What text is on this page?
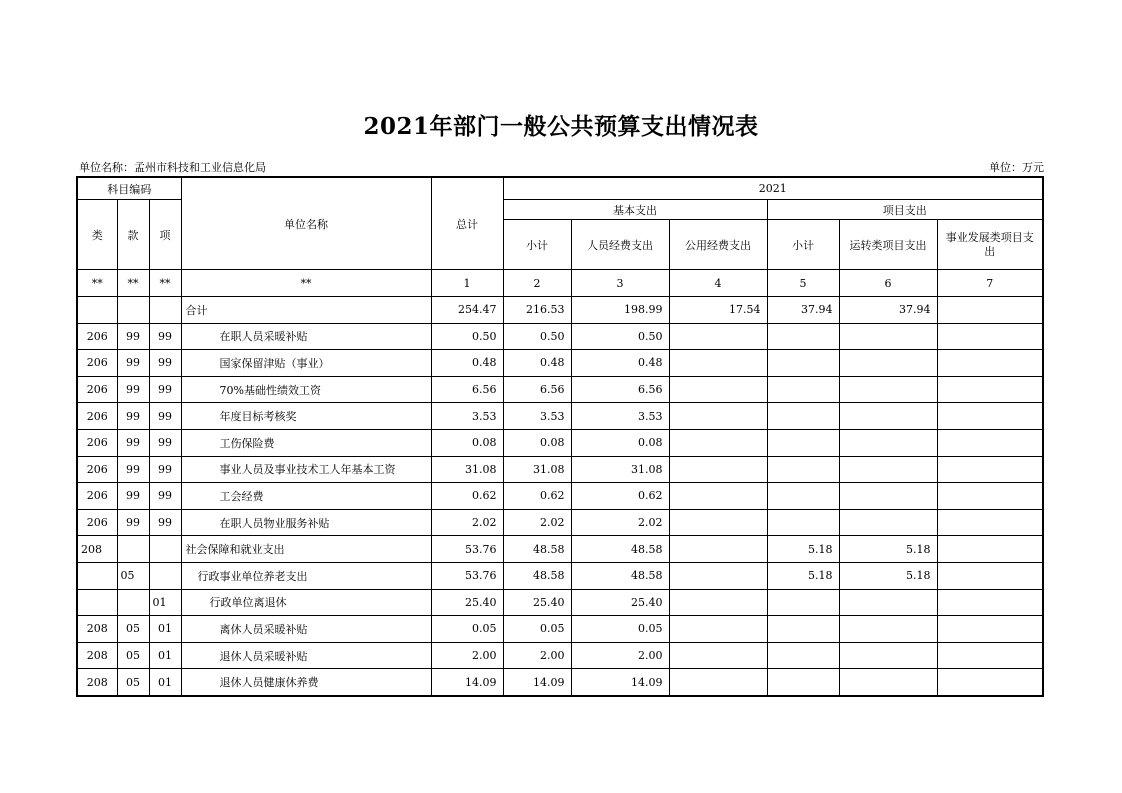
2021年部门一般公共预算支出情况表
单位名称：孟州市科技和工业信息化局	单位：万元
科目编码			单位名称	总计	2021					
类	款	项			基本支出			项目支出		
					小计	人员经费支出	公用经费支出	小计	运转类项目支出	事业发展类项目支出
**	**	**	**	1	2	3	4	5	6	7
			合计	254.47	216.53	198.99	17.54	37.94	37.94	
206	99	99	在职人员采暖补贴	0.50	0.50	0.50				
206	99	99	国家保留津贴（事业）	0.48	0.48	0.48				
206	99	99	70%基础性绩效工资	6.56	6.56	6.56				
206	99	99	年度目标考核奖	3.53	3.53	3.53				
206	99	99	工伤保险费	0.08	0.08	0.08				
206	99	99	事业人员及事业技术工人年基本工资	31.08	31.08	31.08				
206	99	99	工会经费	0.62	0.62	0.62				
206	99	99	在职人员物业服务补贴	2.02	2.02	2.02				
208			社会保障和就业支出	53.76	48.58	48.58		5.18	5.18	
	05		行政事业单位养老支出	53.76	48.58	48.58		5.18	5.18	
		01	行政单位离退休	25.40	25.40	25.40				
208	05	01	离休人员采暖补贴	0.05	0.05	0.05				
208	05	01	退休人员采暖补贴	2.00	2.00	2.00				
208	05	01	退休人员健康休养费	14.09	14.09	14.09				
